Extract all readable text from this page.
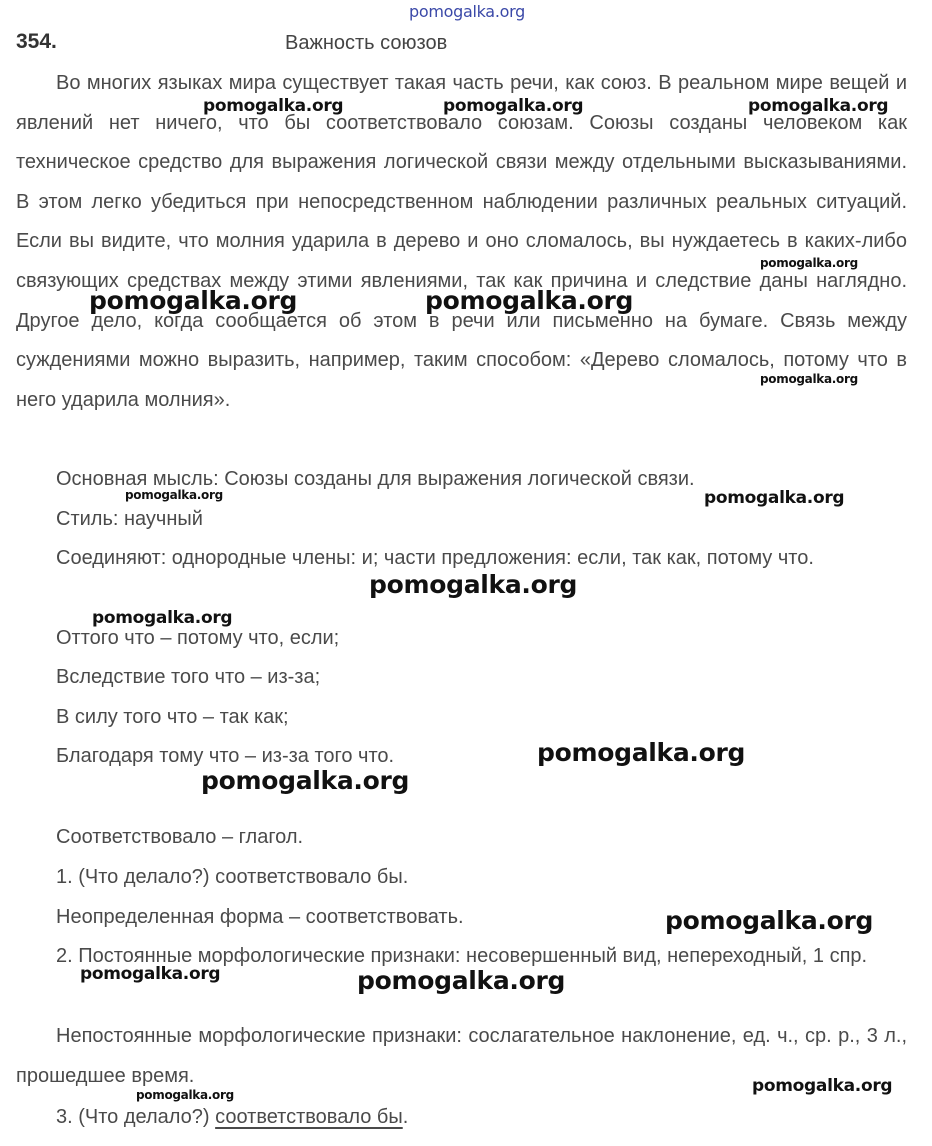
354.	Важность союзов

Во многих языках мира существует такая часть речи, как союз. В реальном мире вещей и явлений нет ничего, что бы соответствовало союзам. Союзы созданы человеком как техническое средство для выражения логической связи между отдельными высказываниями. В этом легко убедиться при непосредственном наблюдении различных реальных ситуаций. Если вы видите, что молния ударила в дерево и оно сломалось, вы нуждаетесь в каких-либо связующих средствах между этими явлениями, так как причина и следствие даны наглядно. Другое дело, когда сообщается об этом в речи или письменно на бумаге. Связь между суждениями можно выразить, например, таким способом: «Дерево сломалось, потому что в него ударила молния».

Основная мысль: Союзы созданы для выражения логической связи.
Стиль: научный

Соединяют: однородные члены: и; части предложения: если, так как, потому что.

Оттого что – потому что, если;
Вследствие того что – из-за;
В силу того что – так как;
Благодаря тому что – из-за того что.
Соответствовало – глагол.
1. (Что делало?) соответствовало бы.
Неопределенная форма – соответствовать.

2. Постоянные морфологические признаки: несовершенный вид, непереходный, 1 спр.

Непостоянные морфологические признаки: сослагательное наклонение, ед. ч., ср. р., 3 л., прошедшее время.

3. (Что делало?) соответствовало бы.
pomogalka.org
pomogalka.org	pomogalka.org	pomogalka.org
pomogalka.org
pomogalka.org	pomogalka.org
pomogalka.org
pomogalka.org	pomogalka.org
pomogalka.org
pomogalka.org
pomogalka.org
pomogalka.org
pomogalka.org
pomogalka.org	pomogalka.org
pomogalka.org
pomogalka.org
